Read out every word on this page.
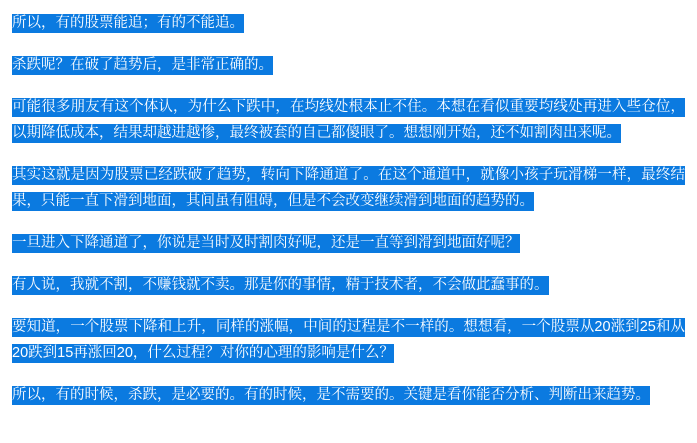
所以，有的股票能追；有的不能追。

杀跌呢？在破了趋势后，是非常正确的。

可能很多朋友有这个体认，为什么下跌中，在均线处根本止不住。本想在看似重要均线处再进入些仓位，以期降低成本，结果却越进越惨，最终被套的自己都傻眼了。想想刚开始，还不如割肉出来呢。

其实这就是因为股票已经跌破了趋势，转向下降通道了。在这个通道中，就像小孩子玩滑梯一样，最终结果，只能一直下滑到地面，其间虽有阻碍，但是不会改变继续滑到地面的趋势的。

一旦进入下降通道了，你说是当时及时割肉好呢，还是一直等到滑到地面好呢？

有人说，我就不割，不赚钱就不卖。那是你的事情，精于技术者，不会做此蠢事的。

要知道，一个股票下降和上升，同样的涨幅，中间的过程是不一样的。想想看，一个股票从20涨到25和从20跌到15再涨回20，什么过程？对你的心理的影响是什么？

所以，有的时候，杀跌，是必要的。有的时候，是不需要的。关键是看你能否分析、判断出来趋势。
